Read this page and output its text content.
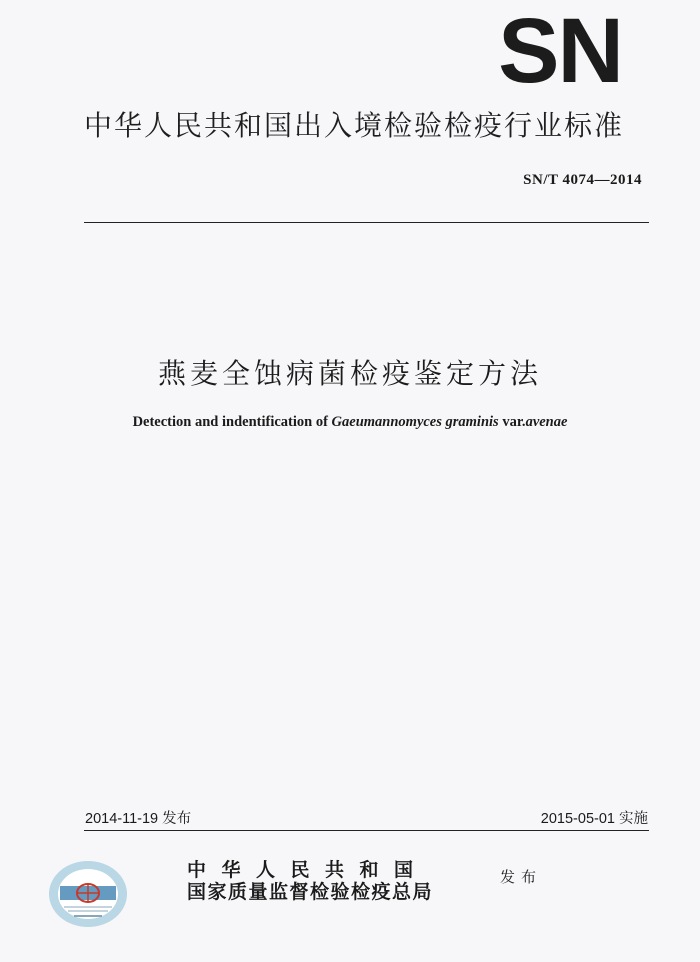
SN
中华人民共和国出入境检验检疫行业标准
SN/T 4074—2014
燕麦全蚀病菌检疫鉴定方法
Detection and indentification of Gaeumannomyces graminis var.avenae
2014-11-19 发布	2015-05-01 实施
中华人民共和国
国家质量监督检验检疫总局
发布
